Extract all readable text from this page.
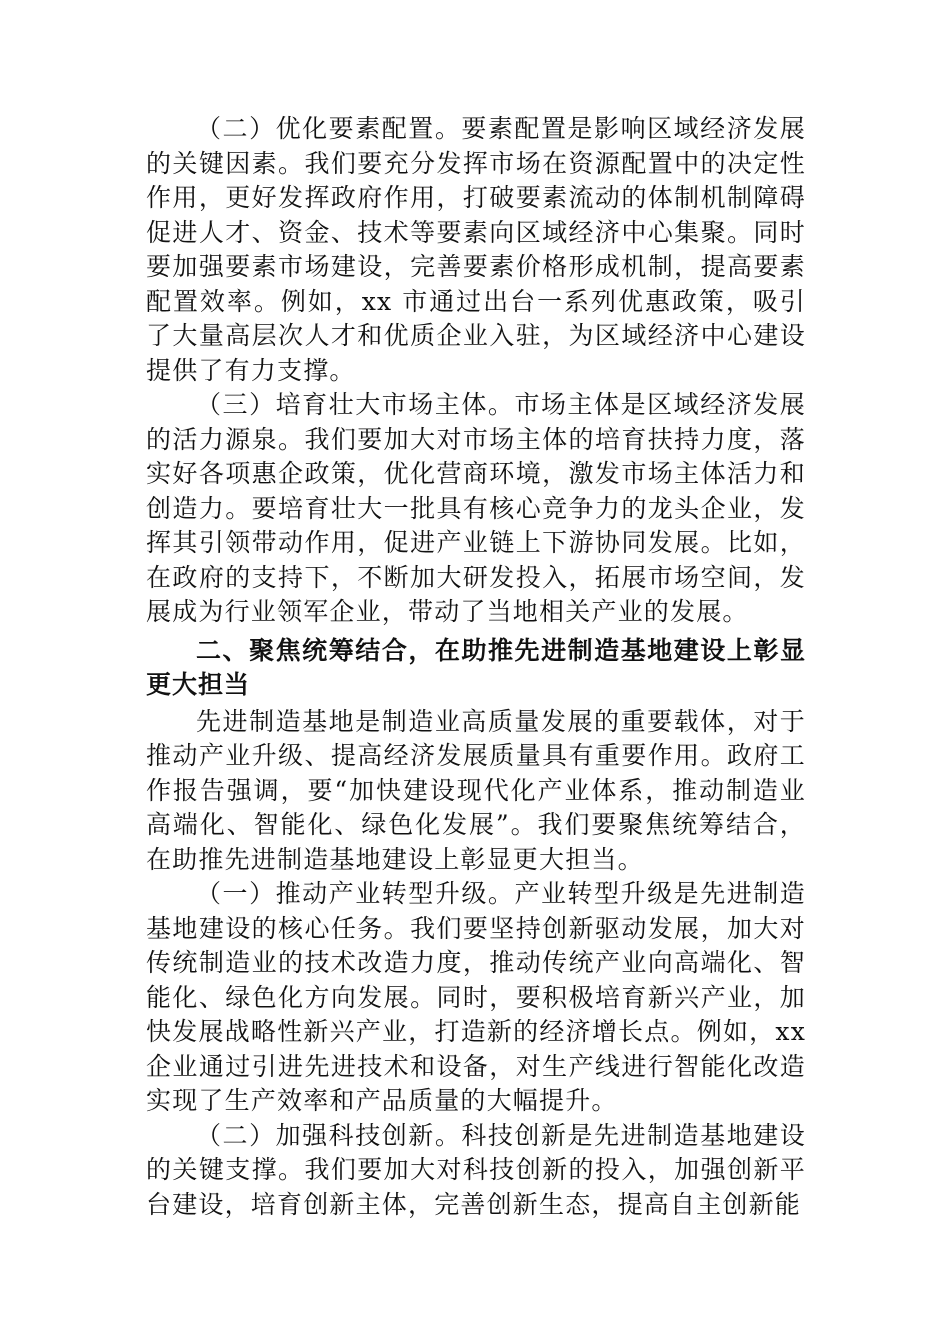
（二）优化要素配置。要素配置是影响区域经济发展的关键因素。我们要充分发挥市场在资源配置中的决定性作用，更好发挥政府作用，打破要素流动的体制机制障碍促进人才、资金、技术等要素向区域经济中心集聚。同时要加强要素市场建设，完善要素价格形成机制，提高要素配置效率。例如，xx 市通过出台一系列优惠政策，吸引了大量高层次人才和优质企业入驻，为区域经济中心建设提供了有力支撑。

（三）培育壮大市场主体。市场主体是区域经济发展的活力源泉。我们要加大对市场主体的培育扶持力度，落实好各项惠企政策，优化营商环境，激发市场主体活力和创造力。要培育壮大一批具有核心竞争力的龙头企业，发挥其引领带动作用，促进产业链上下游协同发展。比如，在政府的支持下，不断加大研发投入，拓展市场空间，发展成为行业领军企业，带动了当地相关产业的发展。

二、聚焦统筹结合，在助推先进制造基地建设上彰显更大担当

先进制造基地是制造业高质量发展的重要载体，对于推动产业升级、提高经济发展质量具有重要作用。政府工作报告强调，要“加快建设现代化产业体系，推动制造业高端化、智能化、绿色化发展”。我们要聚焦统筹结合，在助推先进制造基地建设上彰显更大担当。

（一）推动产业转型升级。产业转型升级是先进制造基地建设的核心任务。我们要坚持创新驱动发展，加大对传统制造业的技术改造力度，推动传统产业向高端化、智能化、绿色化方向发展。同时，要积极培育新兴产业，加快发展战略性新兴产业，打造新的经济增长点。例如，xx 企业通过引进先进技术和设备，对生产线进行智能化改造实现了生产效率和产品质量的大幅提升。

（二）加强科技创新。科技创新是先进制造基地建设的关键支撑。我们要加大对科技创新的投入，加强创新平台建设，培育创新主体，完善创新生态，提高自主创新能
